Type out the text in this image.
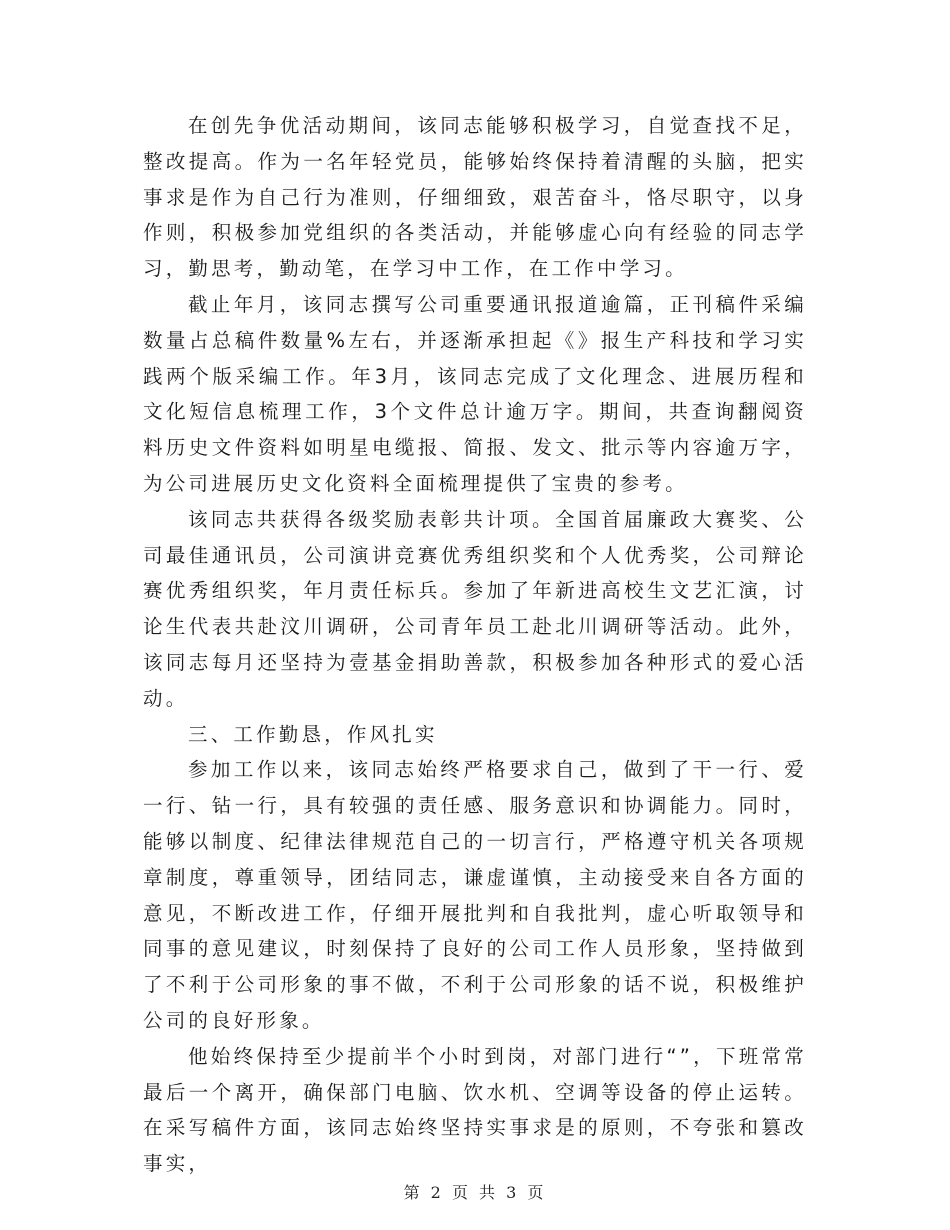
在创先争优活动期间，该同志能够积极学习，自觉查找不足，整改提高。作为一名年轻党员，能够始终保持着清醒的头脑，把实事求是作为自己行为准则，仔细细致，艰苦奋斗，恪尽职守，以身作则，积极参加党组织的各类活动，并能够虚心向有经验的同志学习，勤思考，勤动笔，在学习中工作，在工作中学习。

截止年月，该同志撰写公司重要通讯报道逾篇，正刊稿件采编数量占总稿件数量%左右，并逐渐承担起《》报生产科技和学习实践两个版采编工作。年3月，该同志完成了文化理念、进展历程和文化短信息梳理工作，3个文件总计逾万字。期间，共查询翻阅资料历史文件资料如明星电缆报、简报、发文、批示等内容逾万字，为公司进展历史文化资料全面梳理提供了宝贵的参考。

该同志共获得各级奖励表彰共计项。全国首届廉政大赛奖、公司最佳通讯员，公司演讲竞赛优秀组织奖和个人优秀奖，公司辩论赛优秀组织奖，年月责任标兵。参加了年新进高校生文艺汇演，讨论生代表共赴汶川调研，公司青年员工赴北川调研等活动。此外，该同志每月还坚持为壹基金捐助善款，积极参加各种形式的爱心活动。

三、工作勤恳，作风扎实

参加工作以来，该同志始终严格要求自己，做到了干一行、爱一行、钻一行，具有较强的责任感、服务意识和协调能力。同时，能够以制度、纪律法律规范自己的一切言行，严格遵守机关各项规章制度，尊重领导，团结同志，谦虚谨慎，主动接受来自各方面的意见，不断改进工作，仔细开展批判和自我批判，虚心听取领导和同事的意见建议，时刻保持了良好的公司工作人员形象，坚持做到了不利于公司形象的事不做，不利于公司形象的话不说，积极维护公司的良好形象。

他始终保持至少提前半个小时到岗，对部门进行“”，下班常常最后一个离开，确保部门电脑、饮水机、空调等设备的停止运转。在采写稿件方面，该同志始终坚持实事求是的原则，不夸张和篡改事实，

第 2 页 共 3 页
